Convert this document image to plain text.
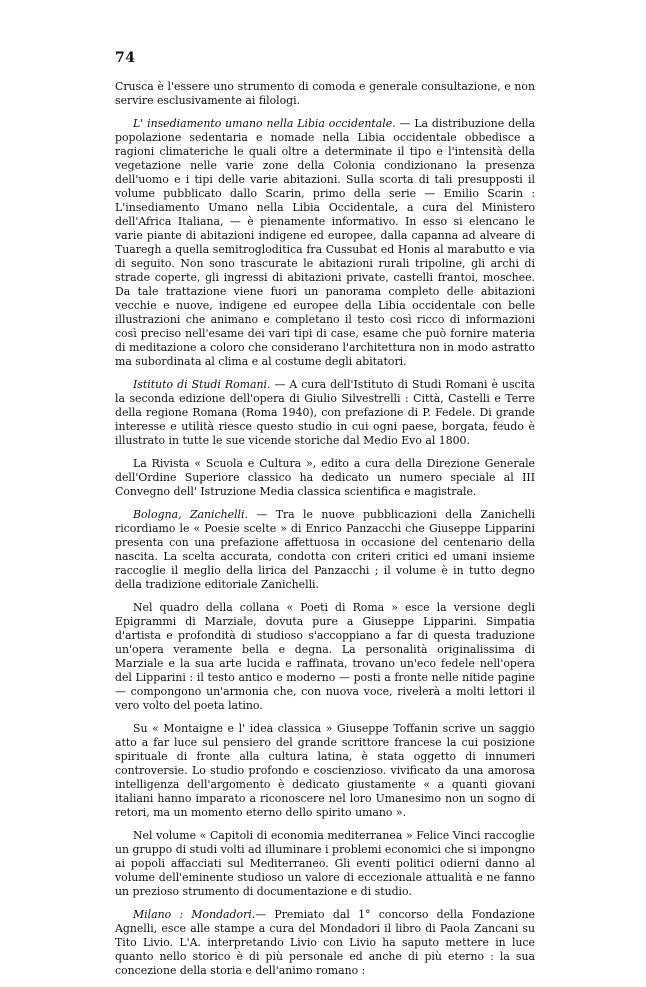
74

Crusca è l'essere uno strumento di comoda e generale consultazione, e non servire esclusivamente ai filologi.

L' insediamento umano nella Libia occidentale. — La distribuzione della popolazione sedentaria e nomade nella Libia occidentale obbedisce a ragioni climateriche le quali oltre a determinate il tipo e l'intensità della vegetazione nelle varie zone della Colonia condizionano la presenza dell'uomo e i tipi delle varie abitazioni. Sulla scorta di tali presupposti il volume pubblicato dallo Scarin, primo della serie — Emilio Scarin : L'insediamento Umano nella Libia Occidentale, a cura del Ministero dell'Africa Italiana, — è pienamente informativo. In esso si elencano le varie piante di abitazioni indigene ed europee, dalla capanna ad alveare di Tuaregh a quella semitrogloditica fra Cussubat ed Honis al marabutto e via di seguito. Non sono trascurate le abitazioni rurali tripoline, gli archi di strade coperte, gli ingressi di abitazioni private, castelli frantoi, moschee. Da tale trattazione viene fuori un panorama completo delle abitazioni vecchie e nuove, indigene ed europee della Libia occidentale con belle illustrazioni che animano e completano il testo così ricco di informazioni così preciso nell'esame dei vari tipi di case, esame che può fornire materia di meditazione a coloro che considerano l'architettura non in modo astratto ma subordinata al clima e al costume degli abitatori.

Istituto di Studi Romani. — A cura dell'Istituto di Studi Romani è uscita la seconda edizione dell'opera di Giulio Silvestrelli : Città, Castelli e Terre della regione Romana (Roma 1940), con prefazione di P. Fedele. Di grande interesse e utilità riesce questo studio in cui ogni paese, borgata, feudo è illustrato in tutte le sue vicende storiche dal Medio Evo al 1800.

La Rivista « Scuola e Cultura », edito a cura della Direzione Generale dell'Ordine Superiore classico ha dedicato un numero speciale al III Convegno dell' Istruzione Media classica scientifica e magistrale.

Bologna, Zanichelli. — Tra le nuove pubblicazioni della Zanichelli ricordiamo le « Poesie scelte » di Enrico Panzacchi che Giuseppe Lipparini presenta con una prefazione affettuosa in occasione del centenario della nascita. La scelta accurata, condotta con criteri critici ed umani insieme raccoglie il meglio della lirica del Panzacchi ; il volume è in tutto degno della tradizione editoriale Zanichelli.

Nel quadro della collana « Poeti di Roma » esce la versione degli Epigrammi di Marziale, dovuta pure a Giuseppe Lipparini. Simpatia d'artista e profondità di studioso s'accoppiano a far di questa traduzione un'opera veramente bella e degna. La personalità originalissima di Marziale e la sua arte lucida e raffinata, trovano un'eco fedele nell'opera del Lipparini : il testo antico e moderno — posti a fronte nelle nitide pagine — compongono un'armonia che, con nuova voce, rivelerà a molti lettori il vero volto del poeta latino.

Su « Montaigne e l' idea classica » Giuseppe Toffanin scrive un saggio atto a far luce sul pensiero del grande scrittore francese la cui posizione spirituale di fronte alla cultura latina, è stata oggetto di innumeri controversie. Lo studio profondo e coscienzioso. vivificato da una amorosa intelligenza dell'argomento è dedicato giustamente « a quanti giovani italiani hanno imparato a riconoscere nel loro Umanesimo non un sogno di retori, ma un momento eterno dello spirito umano ».

Nel volume « Capitoli di economia mediterranea » Felice Vinci raccoglie un gruppo di studi volti ad illuminare i problemi economici che si impongno ai popoli affacciati sul Mediterraneo. Gli eventi politici odierni danno al volume dell'eminente studioso un valore di eccezionale attualità e ne fanno un prezioso strumento di documentazione e di studio.

Milano : Mondadori.— Premiato dal 1° concorso della Fondazione Agnelli, esce alle stampe a cura del Mondadori il libro di Paola Zancani su Tito Livio. L'A. interpretando Livio con Livio ha saputo mettere in luce quanto nello storico è di più personale ed anche di più eterno : la sua concezione della storia e dell'animo romano :
